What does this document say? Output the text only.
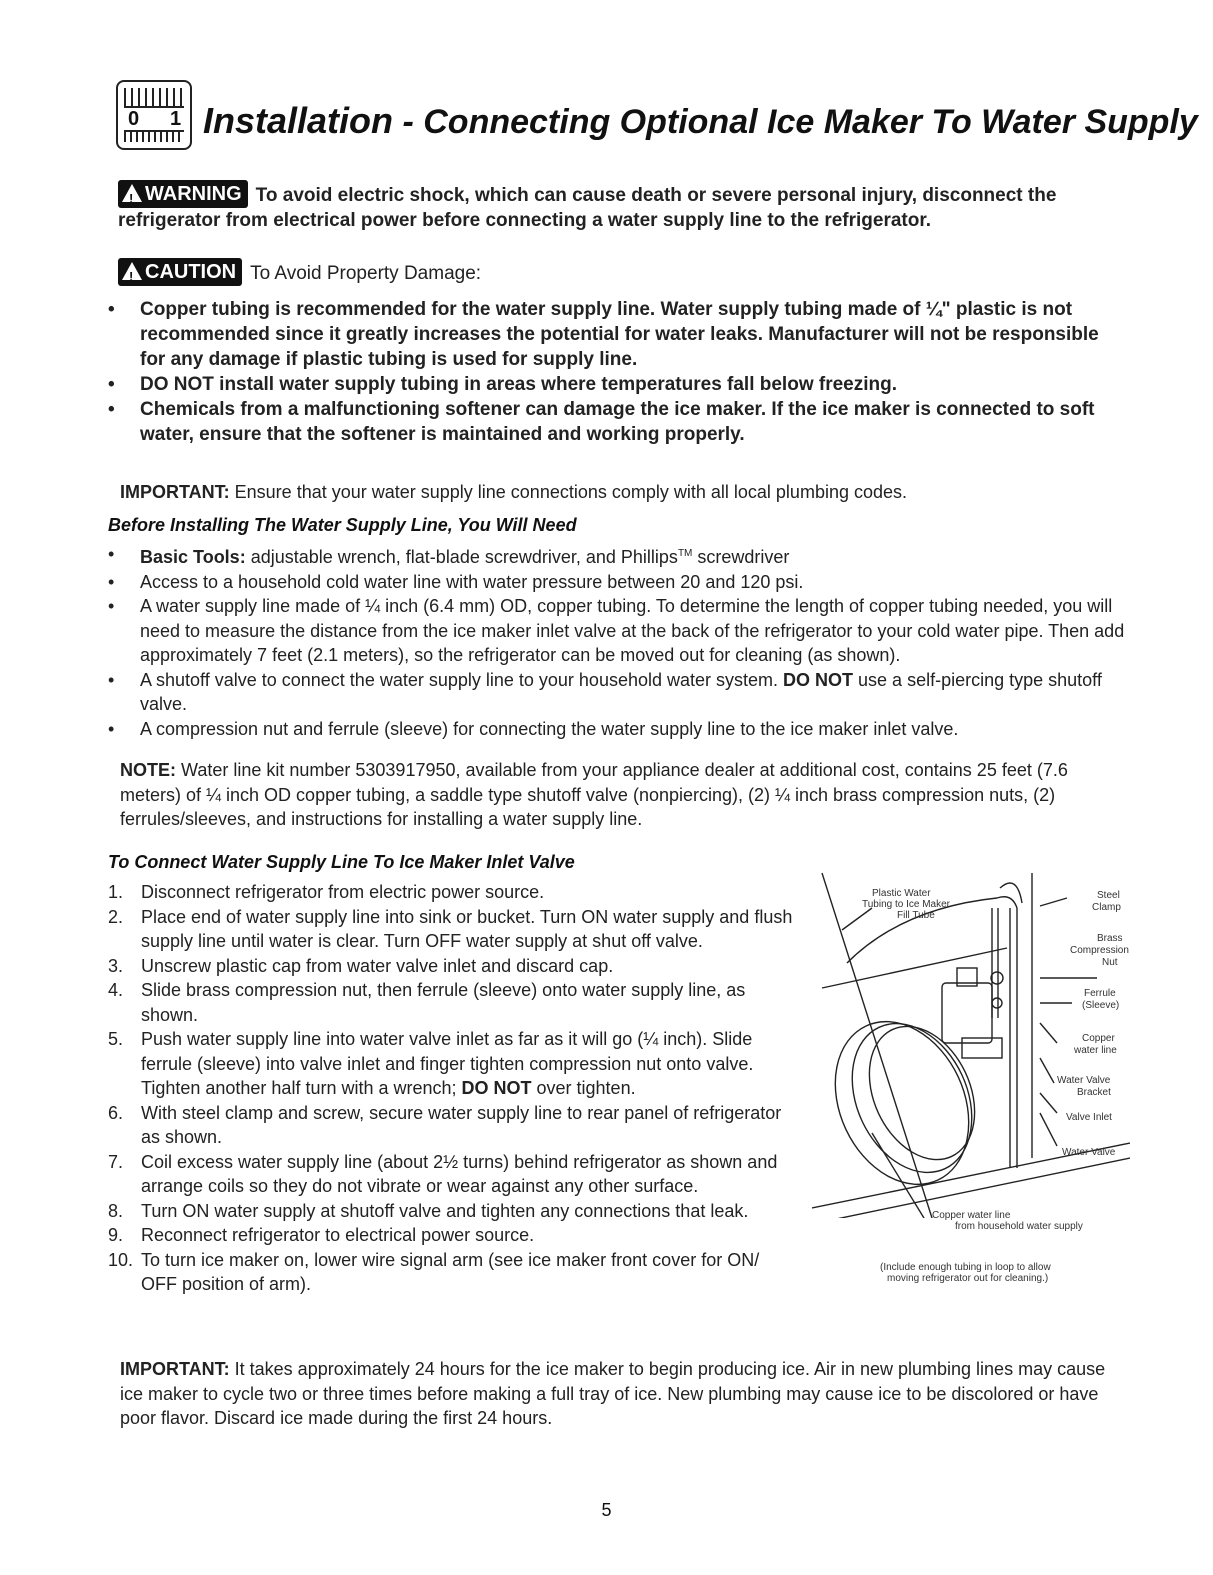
0 1 Installation - Connecting Optional Ice Maker To Water Supply
!WARNING To avoid electric shock, which can cause death or severe personal injury, disconnect the refrigerator from electrical power before connecting a water supply line to the refrigerator.
!CAUTION To Avoid Property Damage:
• Copper tubing is recommended for the water supply line. Water supply tubing made of ¼" plastic is not recommended since it greatly increases the potential for water leaks. Manufacturer will not be responsible for any damage if plastic tubing is used for supply line.
• DO NOT install water supply tubing in areas where temperatures fall below freezing.
• Chemicals from a malfunctioning softener can damage the ice maker. If the ice maker is connected to soft water, ensure that the softener is maintained and working properly.
IMPORTANT: Ensure that your water supply line connections comply with all local plumbing codes.
Before Installing The Water Supply Line, You Will Need
• Basic Tools: adjustable wrench, flat-blade screwdriver, and Phillips™ screwdriver
• Access to a household cold water line with water pressure between 20 and 120 psi.
• A water supply line made of ¼ inch (6.4 mm) OD, copper tubing. To determine the length of copper tubing needed, you will need to measure the distance from the ice maker inlet valve at the back of the refrigerator to your cold water pipe. Then add approximately 7 feet (2.1 meters), so the refrigerator can be moved out for cleaning (as shown).
• A shutoff valve to connect the water supply line to your household water system. DO NOT use a self-piercing type shutoff valve.
• A compression nut and ferrule (sleeve) for connecting the water supply line to the ice maker inlet valve.
NOTE: Water line kit number 5303917950, available from your appliance dealer at additional cost, contains 25 feet (7.6 meters) of ¼ inch OD copper tubing, a saddle type shutoff valve (nonpiercing), (2) ¼ inch brass compression nuts, (2) ferrules/sleeves, and instructions for installing a water supply line.
To Connect Water Supply Line To Ice Maker Inlet Valve
1. Disconnect refrigerator from electric power source.
2. Place end of water supply line into sink or bucket. Turn ON water supply and flush supply line until water is clear. Turn OFF water supply at shut off valve.
3. Unscrew plastic cap from water valve inlet and discard cap.
4. Slide brass compression nut, then ferrule (sleeve) onto water supply line, as shown.
5. Push water supply line into water valve inlet as far as it will go (¼ inch). Slide ferrule (sleeve) into valve inlet and finger tighten compression nut onto valve. Tighten another half turn with a wrench; DO NOT over tighten.
6. With steel clamp and screw, secure water supply line to rear panel of refrigerator as shown.
7. Coil excess water supply line (about 2½ turns) behind refrigerator as shown and arrange coils so they do not vibrate or wear against any other surface.
8. Turn ON water supply at shutoff valve and tighten any connections that leak.
9. Reconnect refrigerator to electrical power source.
10. To turn ice maker on, lower wire signal arm (see ice maker front cover for ON/ OFF position of arm).
Plastic Water
Tubing to Ice Maker
Fill Tube
Steel
Clamp
Brass
Compression
Nut
Ferrule
(Sleeve)
Copper
water line
Water Valve
Bracket
Valve Inlet
Water Valve
Copper water line
from household water supply
(Include enough tubing in loop to allow
moving refrigerator out for cleaning.)
IMPORTANT: It takes approximately 24 hours for the ice maker to begin producing ice. Air in new plumbing lines may cause ice maker to cycle two or three times before making a full tray of ice. New plumbing may cause ice to be discolored or have poor flavor. Discard ice made during the first 24 hours.
5
